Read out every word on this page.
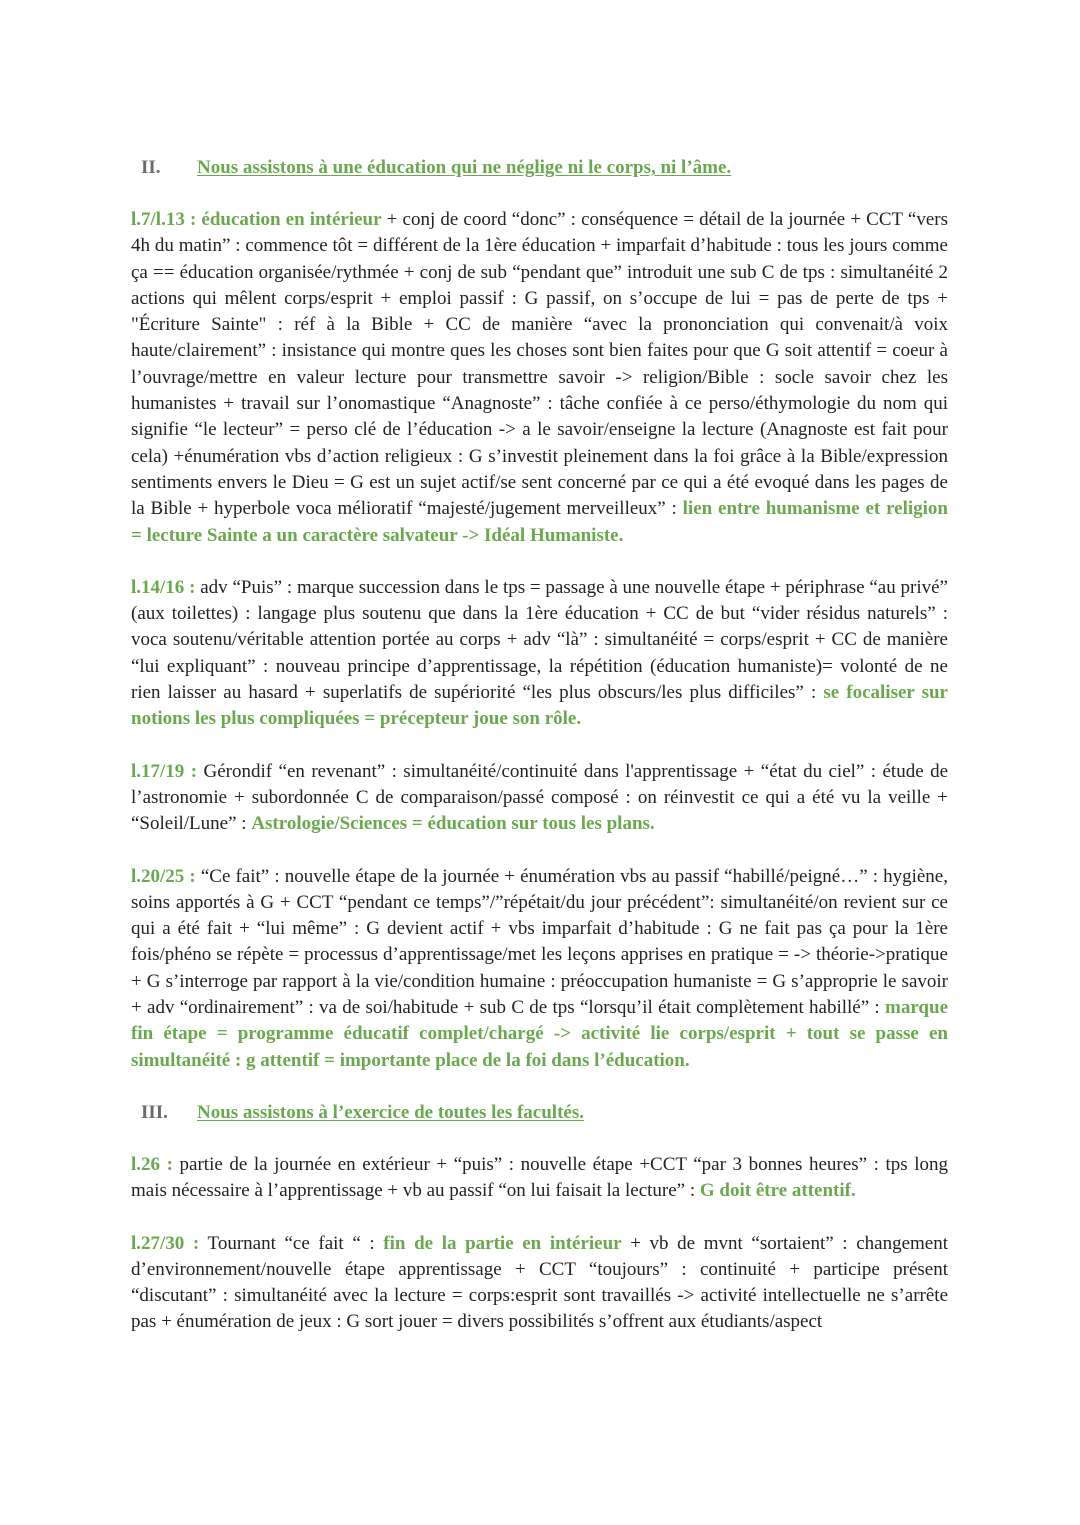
II.	Nous assistons à une éducation qui ne néglige ni le corps, ni l’âme.

l.7/l.13 : éducation en intérieur + conj de coord “donc” : conséquence = détail de la journée + CCT “vers 4h du matin” : commence tôt = différent de la 1ère éducation + imparfait d’habitude : tous les jours comme ça == éducation organisée/rythmée + conj de sub “pendant que” introduit une sub C de tps : simultanéité 2 actions qui mêlent corps/esprit + emploi passif : G passif, on s’occupe de lui = pas de perte de tps + "Écriture Sainte" : réf à la Bible + CC de manière “avec la prononciation qui convenait/à voix haute/clairement” : insistance qui montre ques les choses sont bien faites pour que G soit attentif = coeur à l’ouvrage/mettre en valeur lecture pour transmettre savoir -> religion/Bible : socle savoir chez les humanistes + travail sur l’onomastique “Anagnoste” : tâche confiée à ce perso/éthymologie du nom qui signifie “le lecteur” = perso clé de l’éducation -> a le savoir/enseigne la lecture (Anagnoste est fait pour cela) +énumération vbs d’action religieux : G s’investit pleinement dans la foi grâce à la Bible/expression sentiments envers le Dieu = G est un sujet actif/se sent concerné par ce qui a été evoqué dans les pages de la Bible + hyperbole voca mélioratif “majesté/jugement merveilleux” : lien entre humanisme et religion = lecture Sainte a un caractère salvateur -> Idéal Humaniste.

l.14/16 : adv “Puis” : marque succession dans le tps = passage à une nouvelle étape + périphrase “au privé” (aux toilettes) : langage plus soutenu que dans la 1ère éducation + CC de but “vider résidus naturels” : voca soutenu/véritable attention portée au corps + adv “là” : simultanéité = corps/esprit + CC de manière “lui expliquant” : nouveau principe d’apprentissage, la répétition (éducation humaniste)= volonté de ne rien laisser au hasard + superlatifs de supériorité “les plus obscurs/les plus difficiles” : se focaliser sur notions les plus compliquées = précepteur joue son rôle.

l.17/19 : Gérondif “en revenant” : simultanéité/continuité dans l'apprentissage + “état du ciel” : étude de l’astronomie + subordonnée C de comparaison/passé composé : on réinvestit ce qui a été vu la veille + “Soleil/Lune” : Astrologie/Sciences = éducation sur tous les plans.

l.20/25 : “Ce fait” : nouvelle étape de la journée + énumération vbs au passif “habillé/peigné…” : hygiène, soins apportés à G + CCT “pendant ce temps”/”répétait/du jour précédent”: simultanéité/on revient sur ce qui a été fait + “lui même” : G devient actif + vbs imparfait d’habitude : G ne fait pas ça pour la 1ère fois/phéno se répète = processus d’apprentissage/met les leçons apprises en pratique = -> théorie->pratique + G s’interroge par rapport à la vie/condition humaine : préoccupation humaniste = G s’approprie le savoir + adv “ordinairement” : va de soi/habitude + sub C de tps “lorsqu’il était complètement habillé” : marque fin étape = programme éducatif complet/chargé -> activité lie corps/esprit + tout se passe en simultanéité : g attentif = importante place de la foi dans l’éducation.

III.	Nous assistons à l’exercice de toutes les facultés.

l.26 : partie de la journée en extérieur + “puis” : nouvelle étape +CCT “par 3 bonnes heures” : tps long mais nécessaire à l’apprentissage + vb au passif “on lui faisait la lecture” : G doit être attentif.

l.27/30 : Tournant “ce fait “ : fin de la partie en intérieur + vb de mvnt “sortaient” : changement d’environnement/nouvelle étape apprentissage + CCT “toujours” : continuité + participe présent “discutant” : simultanéité avec la lecture = corps:esprit sont travaillés -> activité intellectuelle ne s’arrête pas + énumération de jeux : G sort jouer = divers possibilités s’offrent aux étudiants/aspect
